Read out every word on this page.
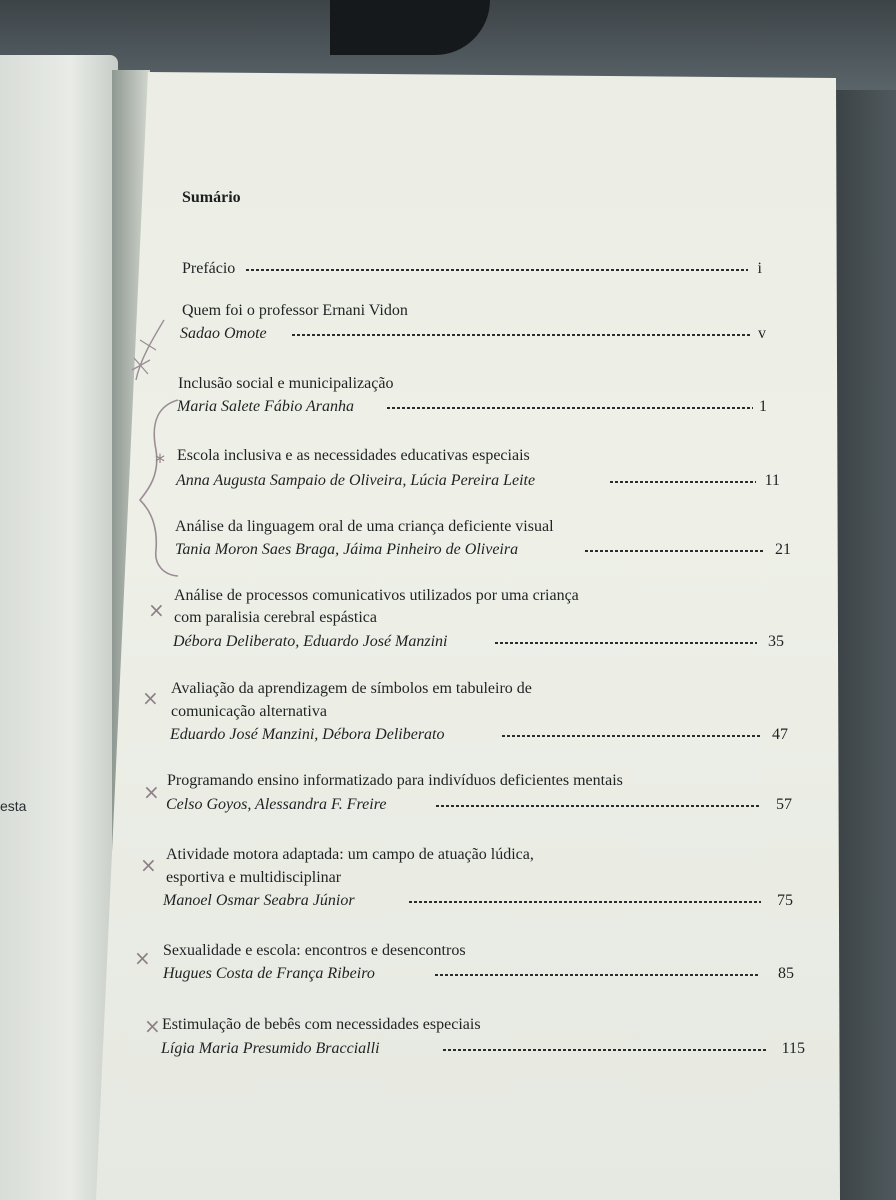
esta
Sumário
Prefácio	i
Quem foi o professor Ernani Vidon
Sadao Omote	v
Inclusão social e municipalização
Maria Salete Fábio Aranha	1
Escola inclusiva e as necessidades educativas especiais
Anna Augusta Sampaio de Oliveira, Lúcia Pereira Leite	11
Análise da linguagem oral de uma criança deficiente visual
Tania Moron Saes Braga, Jáima Pinheiro de Oliveira	21
Análise de processos comunicativos utilizados por uma criança
com paralisia cerebral espástica
Débora Deliberato, Eduardo José Manzini	35
Avaliação da aprendizagem de símbolos em tabuleiro de
comunicação alternativa
Eduardo José Manzini, Débora Deliberato	47
Programando ensino informatizado para indivíduos deficientes mentais
Celso Goyos, Alessandra F. Freire	57
Atividade motora adaptada: um campo de atuação lúdica,
esportiva e multidisciplinar
Manoel Osmar Seabra Júnior	75
Sexualidade e escola: encontros e desencontros
Hugues Costa de França Ribeiro	85
Estimulação de bebês com necessidades especiais
Lígia Maria Presumido Braccialli	115
*
×
×
×
×
×
×
